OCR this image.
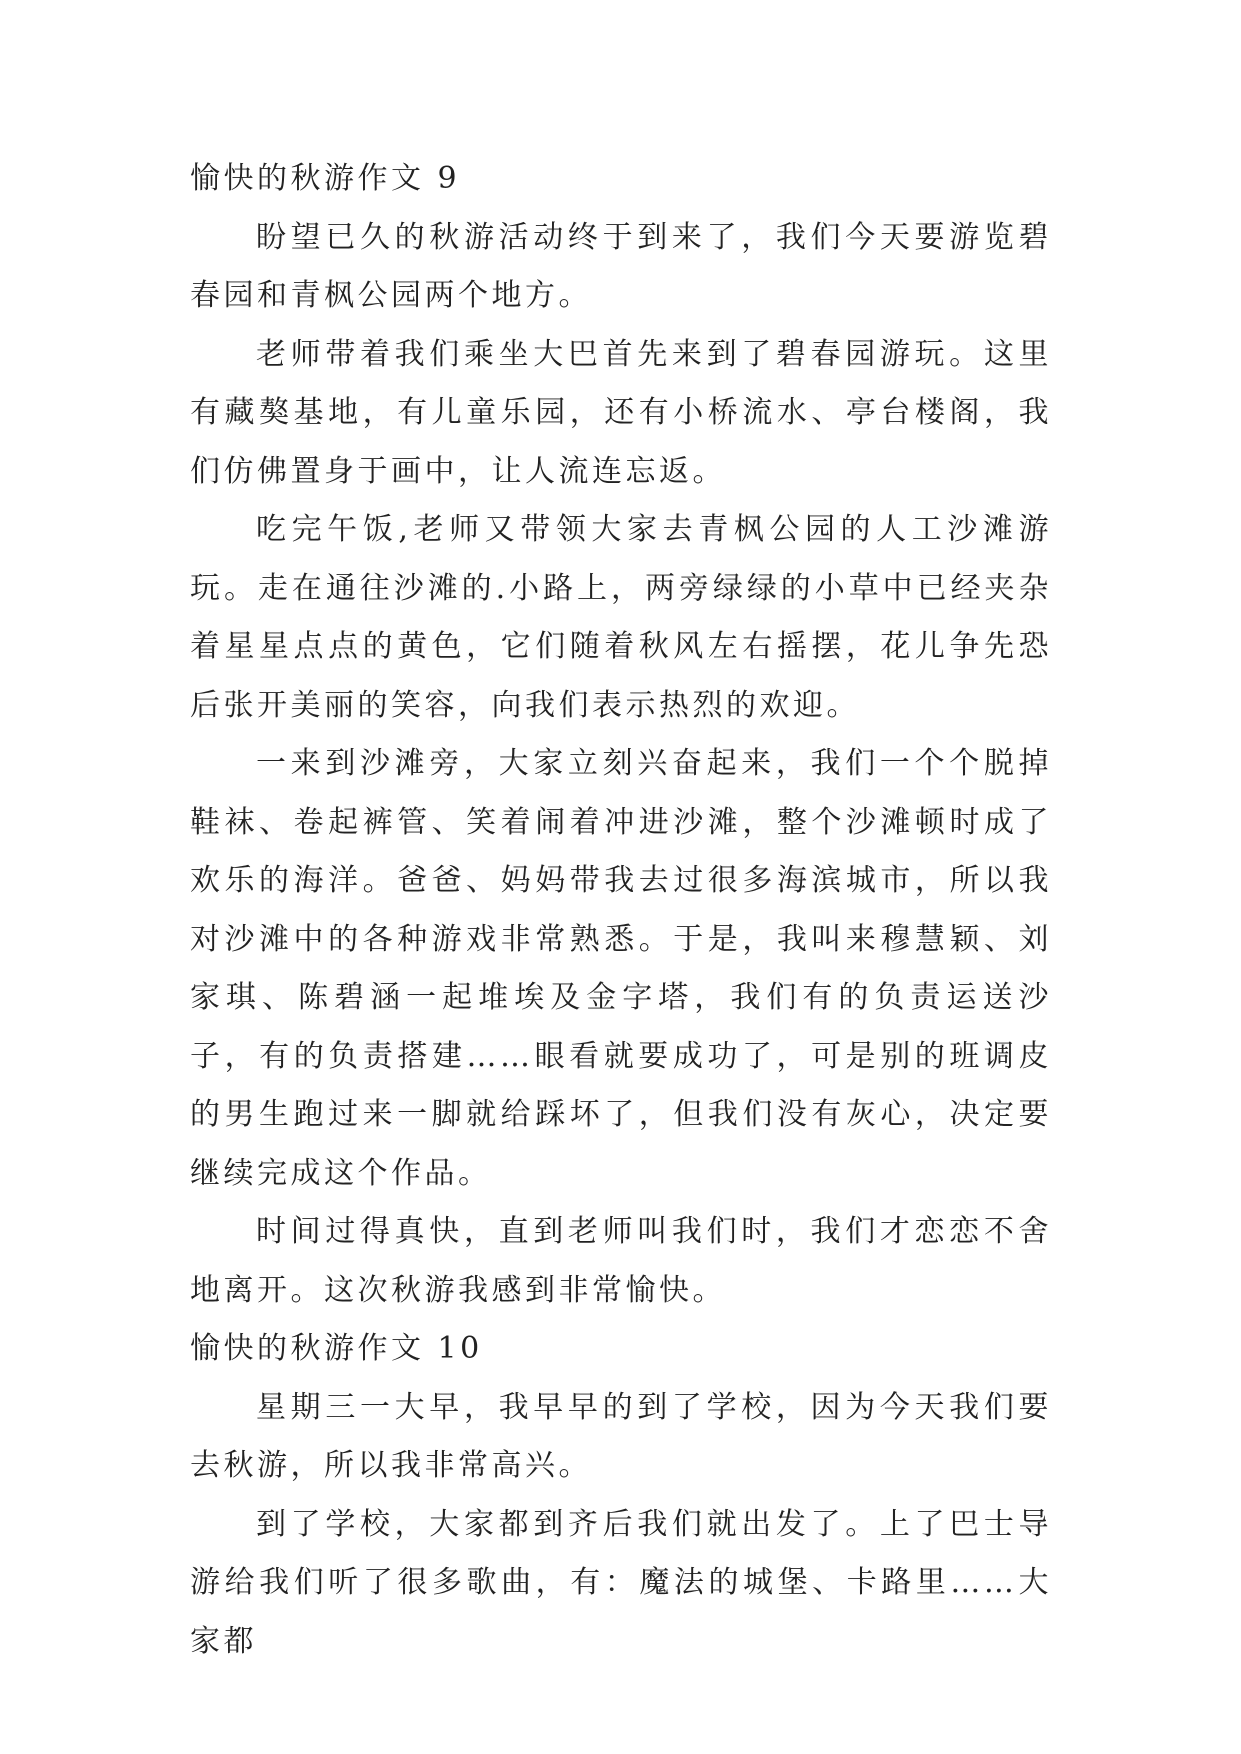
愉快的秋游作文 9

盼望已久的秋游活动终于到来了，我们今天要游览碧春园和青枫公园两个地方。

老师带着我们乘坐大巴首先来到了碧春园游玩。这里有藏獒基地，有儿童乐园，还有小桥流水、亭台楼阁，我们仿佛置身于画中，让人流连忘返。

吃完午饭,老师又带领大家去青枫公园的人工沙滩游玩。走在通往沙滩的.小路上，两旁绿绿的小草中已经夹杂着星星点点的黄色，它们随着秋风左右摇摆，花儿争先恐后张开美丽的笑容，向我们表示热烈的欢迎。

一来到沙滩旁，大家立刻兴奋起来，我们一个个脱掉鞋袜、卷起裤管、笑着闹着冲进沙滩，整个沙滩顿时成了欢乐的海洋。爸爸、妈妈带我去过很多海滨城市，所以我对沙滩中的各种游戏非常熟悉。于是，我叫来穆慧颖、刘家琪、陈碧涵一起堆埃及金字塔，我们有的负责运送沙子，有的负责搭建……眼看就要成功了，可是别的班调皮的男生跑过来一脚就给踩坏了，但我们没有灰心，决定要继续完成这个作品。

时间过得真快，直到老师叫我们时，我们才恋恋不舍地离开。这次秋游我感到非常愉快。

愉快的秋游作文 10

星期三一大早，我早早的到了学校，因为今天我们要去秋游，所以我非常高兴。

到了学校，大家都到齐后我们就出发了。上了巴士导游给我们听了很多歌曲，有：魔法的城堡、卡路里……大家都
